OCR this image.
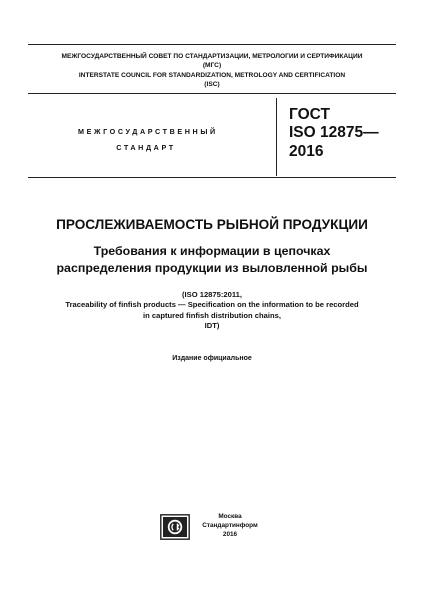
МЕЖГОСУДАРСТВЕННЫЙ СОВЕТ ПО СТАНДАРТИЗАЦИИ, МЕТРОЛОГИИ И СЕРТИФИКАЦИИ
(МГС)
INTERSTATE COUNCIL FOR STANDARDIZATION, METROLOGY AND CERTIFICATION
(ISC)
МЕЖГОСУДАРСТВЕННЫЙ
СТАНДАРТ
ГОСТ
ISO 12875—
2016
ПРОСЛЕЖИВАЕМОСТЬ РЫБНОЙ ПРОДУКЦИИ
Требования к информации в цепочках
распределения продукции из выловленной рыбы
(ISO 12875:2011,
Traceability of finfish products — Specification on the information to be recorded
in captured finfish distribution chains,
IDT)
Издание официальное
Москва
Стандартинформ
2016
